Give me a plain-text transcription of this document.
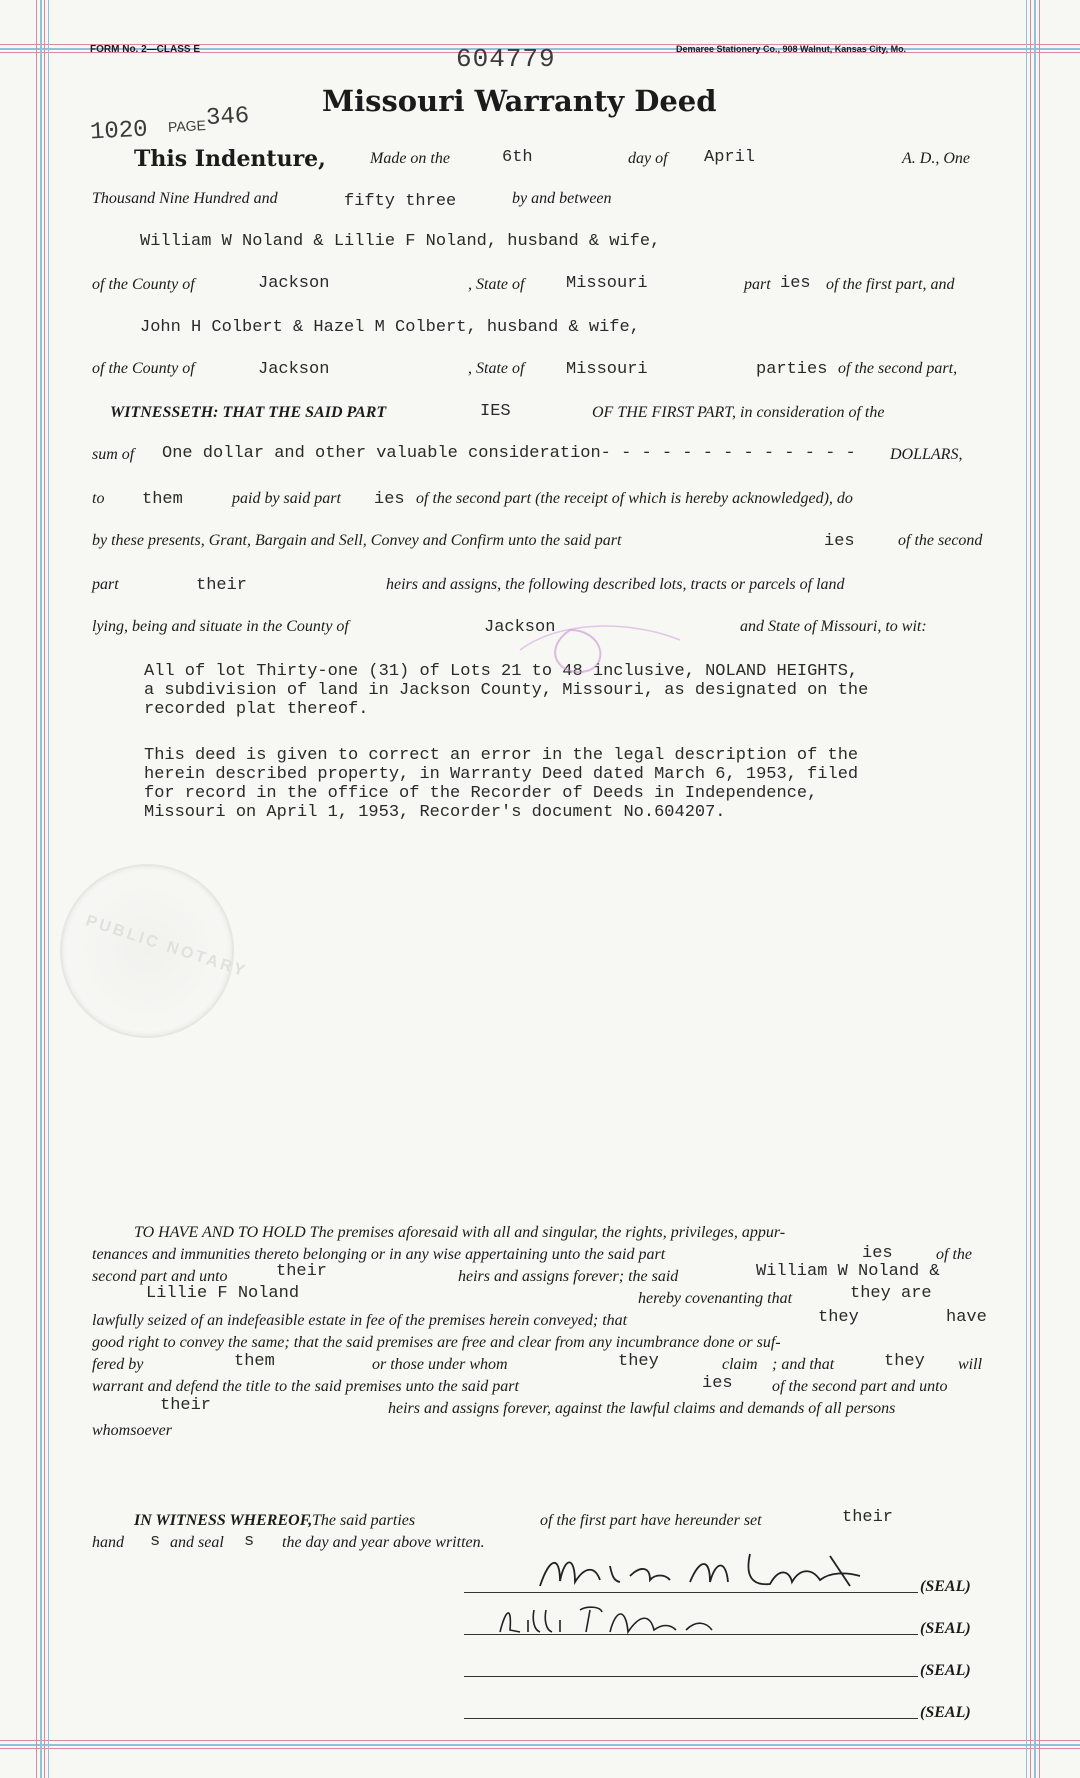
FORM No. 2—CLASS E	Demaree Stationery Co., 908 Walnut, Kansas City, Mo.
604779
1020 PAGE 346 Missouri Warranty Deed
This Indenture,	Made on the	6th	day of April	A. D., One
Thousand Nine Hundred and	fifty three	by and between
William W Noland & Lillie F Noland, husband & wife,
of the County of	Jackson	, State of Missouri	part ies of the first part, and
John H Colbert & Hazel M Colbert, husband & wife,
of the County of	Jackson	, State of Missouri	parties of the second part,
WITNESSETH: THAT THE SAID PART	IES	OF THE FIRST PART, in consideration of the
sum of One dollar and other valuable consideration- - - - - - - - - - - - - DOLLARS,
to them	paid by said part ies of the second part (the receipt of which is hereby acknowledged), do
by these presents, Grant, Bargain and Sell, Convey and Confirm unto the said part	ies	of the second
part	their	heirs and assigns, the following described lots, tracts or parcels of land
lying, being and situate in the County of	Jackson	and State of Missouri, to wit:
All of lot Thirty-one (31) of Lots 21 to 48 inclusive, NOLAND HEIGHTS,
a subdivision of land in Jackson County, Missouri, as designated on the
recorded plat thereof.
This deed is given to correct an error in the legal description of the
herein described property, in Warranty Deed dated March 6, 1953, filed
for record in the office of the Recorder of Deeds in Independence,
Missouri on April 1, 1953, Recorder's document No.604207.
PUBLIC NOTARY
TO HAVE AND TO HOLD The premises aforesaid with all and singular, the rights, privileges, appur-
tenances and immunities thereto belonging or in any wise appertaining unto the said part	ies	of the
second part and unto	their	heirs and assigns forever; the said	William W Noland &
Lillie F Noland	hereby covenanting that	they are
lawfully seized of an indefeasible estate in fee of the premises herein conveyed; that	they	have
good right to convey the same; that the said premises are free and clear from any incumbrance done or suf-
fered by	them	or those under whom	they	claim ; and that	they will
warrant and defend the title to the said premises unto the said part	ies of the second part and unto
their	heirs and assigns forever, against the lawful claims and demands of all persons
whomsoever
IN WITNESS WHEREOF, The said parties	of the first part have hereunder set	their
hand s and seal s the day and year above written.
(SEAL)
(SEAL)
(SEAL)
(SEAL)
